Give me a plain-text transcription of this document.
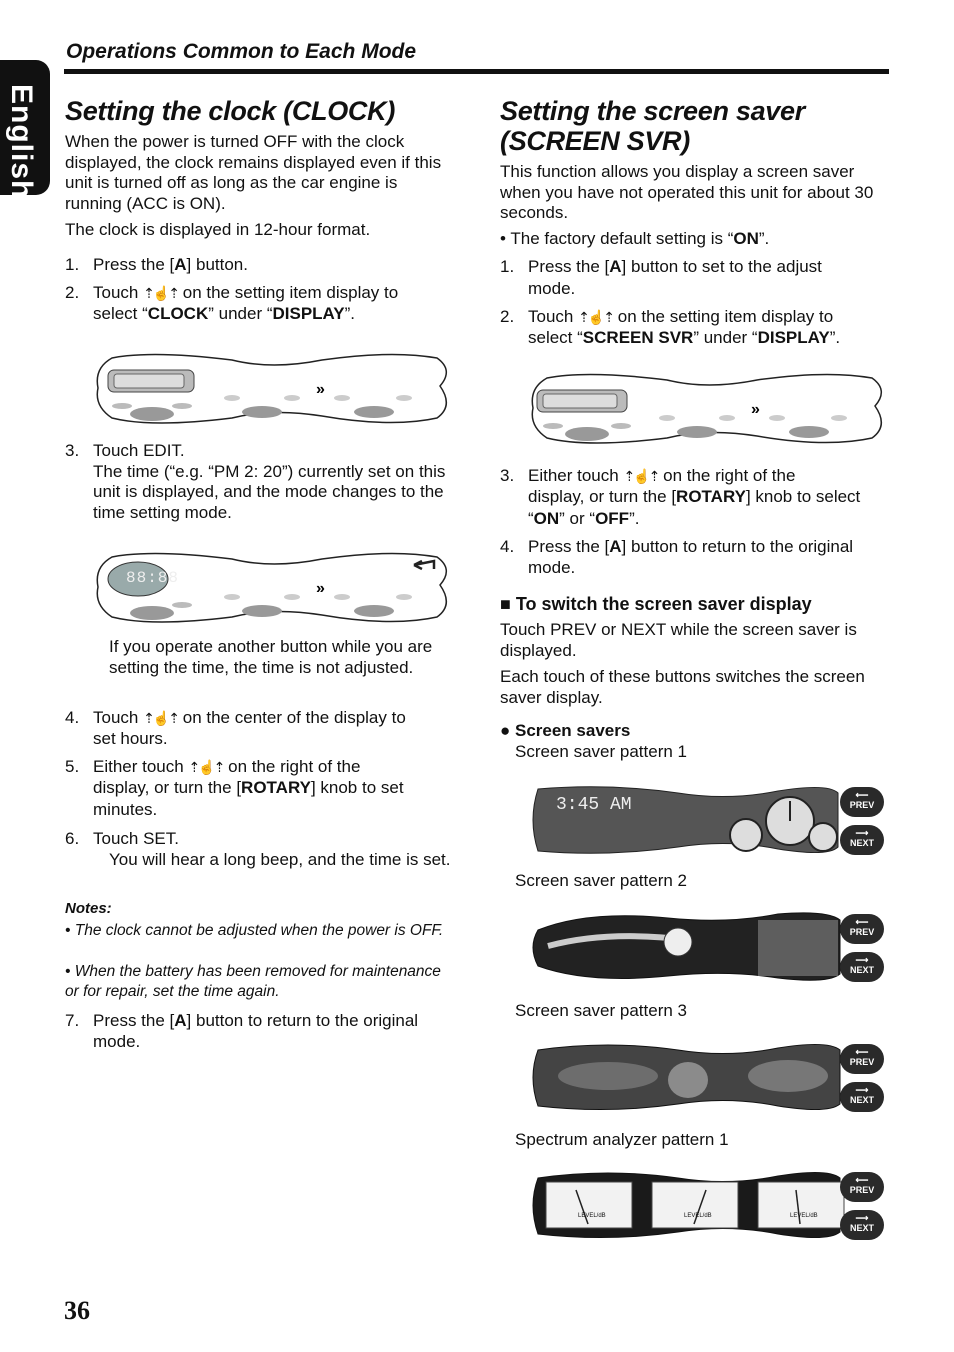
English
Operations Common to Each Mode
Setting the clock (CLOCK)
When the power is turned OFF with the clock displayed, the clock remains displayed even if this unit is turned off as long as the car engine is running (ACC is ON).
The clock is displayed in 12-hour format.
1. Press the [A] button.
2. Touch ⇡☝⇡ on the setting item display to
select “CLOCK” under “DISPLAY”.
»
3. Touch EDIT.
The time (“e.g. “PM 2: 20”) currently set on this unit is displayed, and the mode changes to the time setting mode.
»
88:88
If you operate another button while you are setting the time, the time is not adjusted.
4. Touch ⇡☝⇡ on the center of the display to
set hours.
5. Either touch ⇡☝⇡ on the right of the
display, or turn the [ROTARY] knob to set
minutes.
6. Touch SET.
You will hear a long beep, and the time is set.
Notes:
• The clock cannot be adjusted when the power is OFF.
• When the battery has been removed for maintenance or for repair, set the time again.
7. Press the [A] button to return to the original mode.
Setting the screen saver
(SCREEN SVR)
This function allows you display a screen saver when you have not operated this unit for about 30 seconds.
• The factory default setting is “ON”.
1. Press the [A] button to set to the adjust
mode.
2. Touch ⇡☝⇡ on the setting item display to
select “SCREEN SVR” under “DISPLAY”.
»
3. Either touch ⇡☝⇡ on the right of the
display, or turn the [ROTARY] knob to select
“ON” or “OFF”.
4. Press the [A] button to return to the original
mode.
■ To switch the screen saver display
Touch PREV or NEXT while the screen saver is displayed.
Each touch of these buttons switches the screen saver display.
● Screen savers
Screen saver pattern 1
Screen saver pattern 2
Screen saver pattern 3
Spectrum analyzer pattern 1
3:45 AM	⟵
PREV
⟶
NEXT
⟵
PREV
⟶
NEXT
⟵
PREV
⟶
NEXT
LEVEL/dB	LEVEL/dB	LEVEL/dB
⟵
PREV
⟶
NEXT
36
